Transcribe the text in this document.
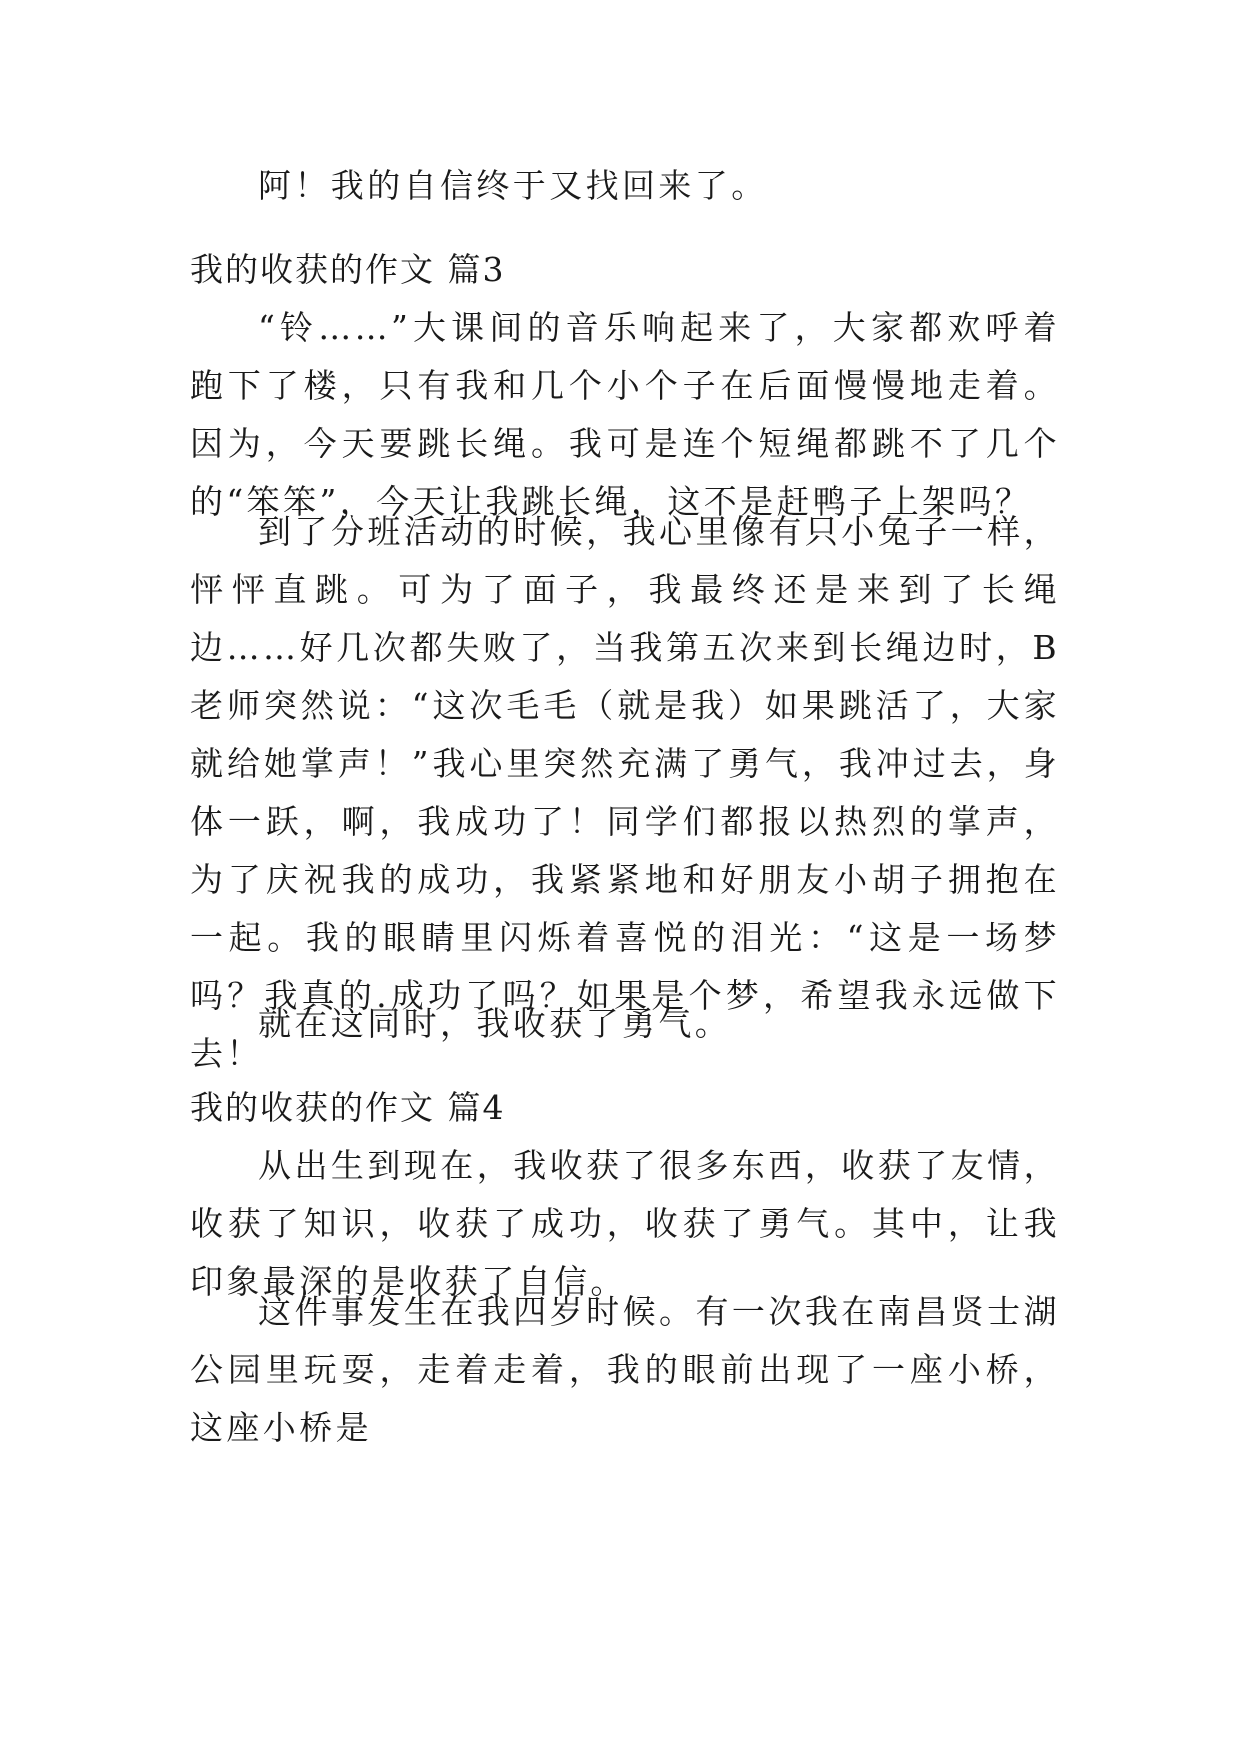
阿！我的自信终于又找回来了。

我的收获的作文 篇3

“铃……”大课间的音乐响起来了，大家都欢呼着跑下了楼，只有我和几个小个子在后面慢慢地走着。因为，今天要跳长绳。我可是连个短绳都跳不了几个的“笨笨”，今天让我跳长绳，这不是赶鸭子上架吗？

到了分班活动的时候，我心里像有只小兔子一样，怦怦直跳。可为了面子，我最终还是来到了长绳边……好几次都失败了，当我第五次来到长绳边时，B老师突然说：“这次毛毛（就是我）如果跳活了，大家就给她掌声！”我心里突然充满了勇气，我冲过去，身体一跃，啊，我成功了！同学们都报以热烈的掌声，为了庆祝我的成功，我紧紧地和好朋友小胡子拥抱在一起。我的眼睛里闪烁着喜悦的泪光：“这是一场梦吗？我真的.成功了吗？如果是个梦，希望我永远做下去！

就在这同时，我收获了勇气。

我的收获的作文 篇4

从出生到现在，我收获了很多东西，收获了友情，收获了知识，收获了成功，收获了勇气。其中，让我印象最深的是收获了自信。

这件事发生在我四岁时候。有一次我在南昌贤士湖公园里玩耍，走着走着，我的眼前出现了一座小桥，这座小桥是
